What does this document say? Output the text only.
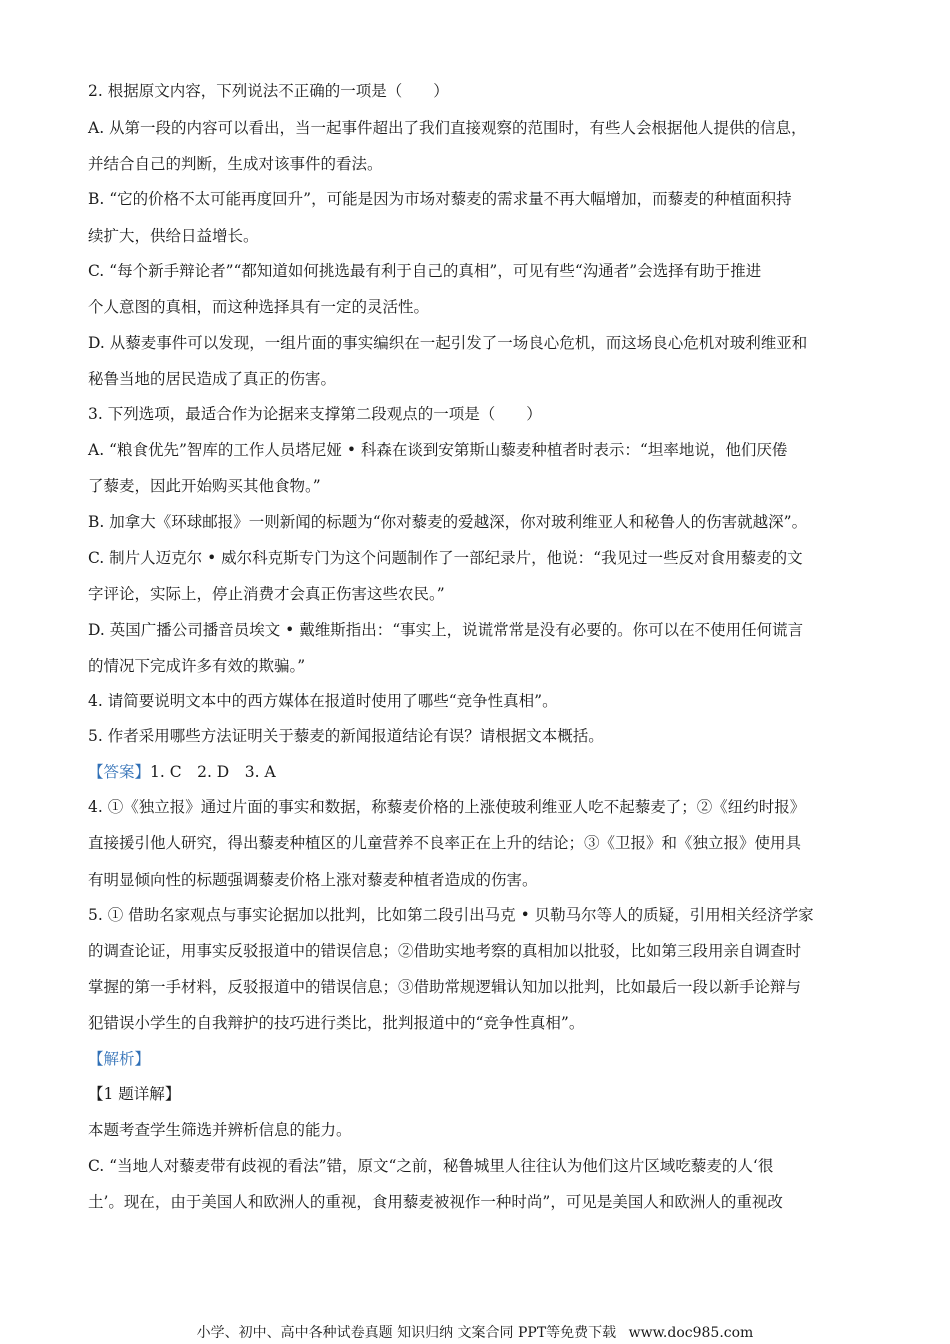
2. 根据原文内容，下列说法不正确的一项是（　　）
A. 从第一段的内容可以看出，当一起事件超出了我们直接观察的范围时，有些人会根据他人提供的信息，
并结合自己的判断，生成对该事件的看法。
B. “它的价格不太可能再度回升”，可能是因为市场对藜麦的需求量不再大幅增加，而藜麦的种植面积持
续扩大，供给日益增长。
C. “每个新手辩论者”“都知道如何挑选最有利于自己的真相”，可见有些“沟通者”会选择有助于推进
个人意图的真相，而这种选择具有一定的灵活性。
D. 从藜麦事件可以发现，一组片面的事实编织在一起引发了一场良心危机，而这场良心危机对玻利维亚和
秘鲁当地的居民造成了真正的伤害。
3. 下列选项，最适合作为论据来支撑第二段观点的一项是（　　）
A. “粮食优先”智库的工作人员塔尼娅 • 科森在谈到安第斯山藜麦种植者时表示：“坦率地说，他们厌倦
了藜麦，因此开始购买其他食物。”
B. 加拿大《环球邮报》一则新闻的标题为“你对藜麦的爱越深，你对玻利维亚人和秘鲁人的伤害就越深”。
C. 制片人迈克尔 • 威尔科克斯专门为这个问题制作了一部纪录片，他说：“我见过一些反对食用藜麦的文
字评论，实际上，停止消费才会真正伤害这些农民。”
D. 英国广播公司播音员埃文 • 戴维斯指出：“事实上，说谎常常是没有必要的。你可以在不使用任何谎言
的情况下完成许多有效的欺骗。”
4. 请简要说明文本中的西方媒体在报道时使用了哪些“竞争性真相”。
5. 作者采用哪些方法证明关于藜麦的新闻报道结论有误？请根据文本概括。
【答案】1. C　2. D　3. A
4. ①《独立报》通过片面的事实和数据，称藜麦价格的上涨使玻利维亚人吃不起藜麦了；②《纽约时报》
直接援引他人研究，得出藜麦种植区的儿童营养不良率正在上升的结论；③《卫报》和《独立报》使用具
有明显倾向性的标题强调藜麦价格上涨对藜麦种植者造成的伤害。
5. ① 借助名家观点与事实论据加以批判，比如第二段引出马克 • 贝勒马尔等人的质疑，引用相关经济学家
的调查论证，用事实反驳报道中的错误信息；②借助实地考察的真相加以批驳，比如第三段用亲自调查时
掌握的第一手材料，反驳报道中的错误信息；③借助常规逻辑认知加以批判，比如最后一段以新手论辩与
犯错误小学生的自我辩护的技巧进行类比，批判报道中的“竞争性真相”。
【解析】
【1 题详解】
本题考查学生筛选并辨析信息的能力。
C. “当地人对藜麦带有歧视的看法”错，原文“之前，秘鲁城里人往往认为他们这片区域吃藜麦的人‘很
土’。现在，由于美国人和欧洲人的重视，食用藜麦被视作一种时尚”，可见是美国人和欧洲人的重视改
小学、初中、高中各种试卷真题 知识归纳 文案合同 PPT等免费下载 www.doc985.com
